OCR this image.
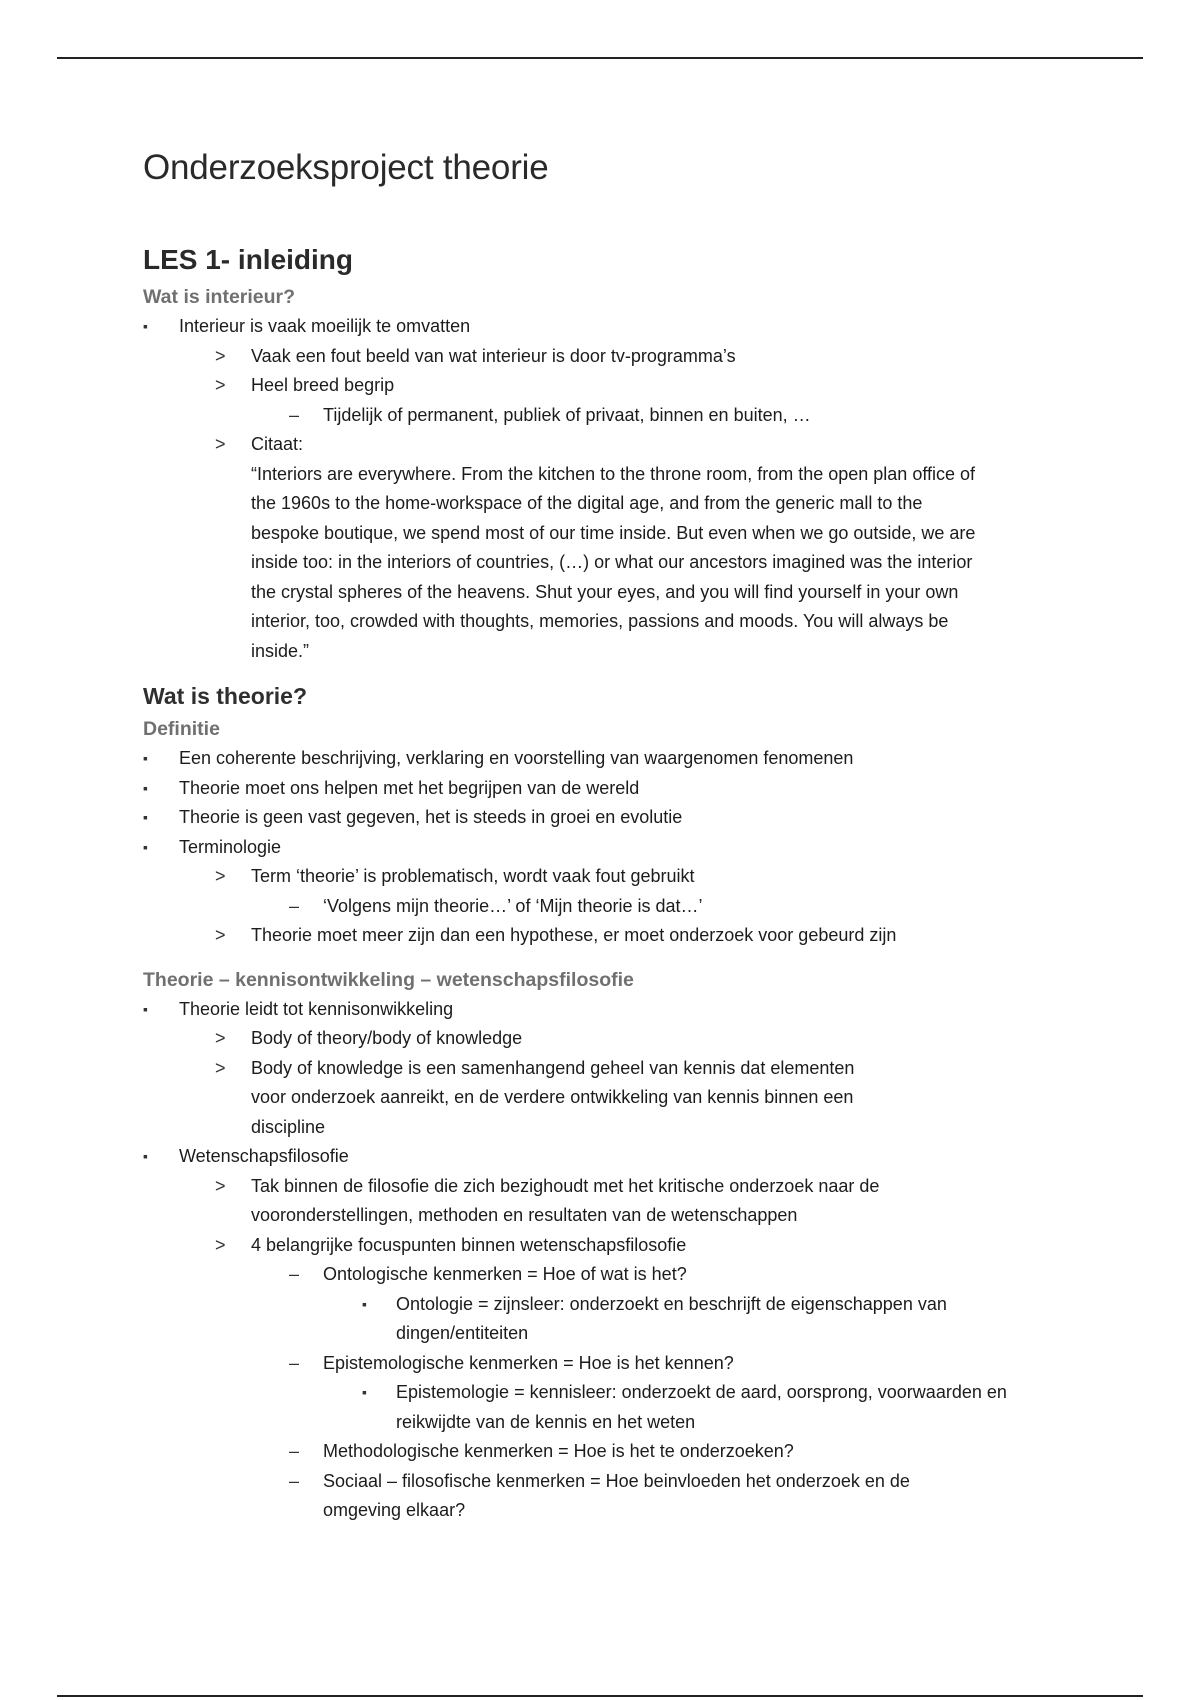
Onderzoeksproject theorie
LES 1- inleiding
Wat is interieur?
▪ Interieur is vaak moeilijk te omvatten
> Vaak een fout beeld van wat interieur is door tv-programma’s
> Heel breed begrip
– Tijdelijk of permanent, publiek of privaat, binnen en buiten, …
> Citaat:
“Interiors are everywhere. From the kitchen to the throne room, from the open plan office of the 1960s to the home-workspace of the digital age, and from the generic mall to the bespoke boutique, we spend most of our time inside. But even when we go outside, we are inside too: in the interiors of countries, (…) or what our ancestors imagined was the interior the crystal spheres of the heavens. Shut your eyes, and you will find yourself in your own interior, too, crowded with thoughts, memories, passions and moods. You will always be inside.”
Wat is theorie?
Definitie
▪ Een coherente beschrijving, verklaring en voorstelling van waargenomen fenomenen
▪ Theorie moet ons helpen met het begrijpen van de wereld
▪ Theorie is geen vast gegeven, het is steeds in groei en evolutie
▪ Terminologie
> Term ‘theorie’ is problematisch, wordt vaak fout gebruikt
– ‘Volgens mijn theorie…’ of ‘Mijn theorie is dat…’
> Theorie moet meer zijn dan een hypothese, er moet onderzoek voor gebeurd zijn
Theorie – kennisontwikkeling – wetenschapsfilosofie
▪ Theorie leidt tot kennisonwikkeling
> Body of theory/body of knowledge
> Body of knowledge is een samenhangend geheel van kennis dat elementen voor onderzoek aanreikt, en de verdere ontwikkeling van kennis binnen een discipline
▪ Wetenschapsfilosofie
> Tak binnen de filosofie die zich bezighoudt met het kritische onderzoek naar de vooronderstellingen, methoden en resultaten van de wetenschappen
> 4 belangrijke focuspunten binnen wetenschapsfilosofie
– Ontologische kenmerken = Hoe of wat is het?
▪ Ontologie = zijnsleer: onderzoekt en beschrijft de eigenschappen van dingen/entiteiten
– Epistemologische kenmerken = Hoe is het kennen?
▪ Epistemologie = kennisleer: onderzoekt de aard, oorsprong, voorwaarden en reikwijdte van de kennis en het weten
– Methodologische kenmerken = Hoe is het te onderzoeken?
– Sociaal – filosofische kenmerken = Hoe beinvloeden het onderzoek en de omgeving elkaar?
